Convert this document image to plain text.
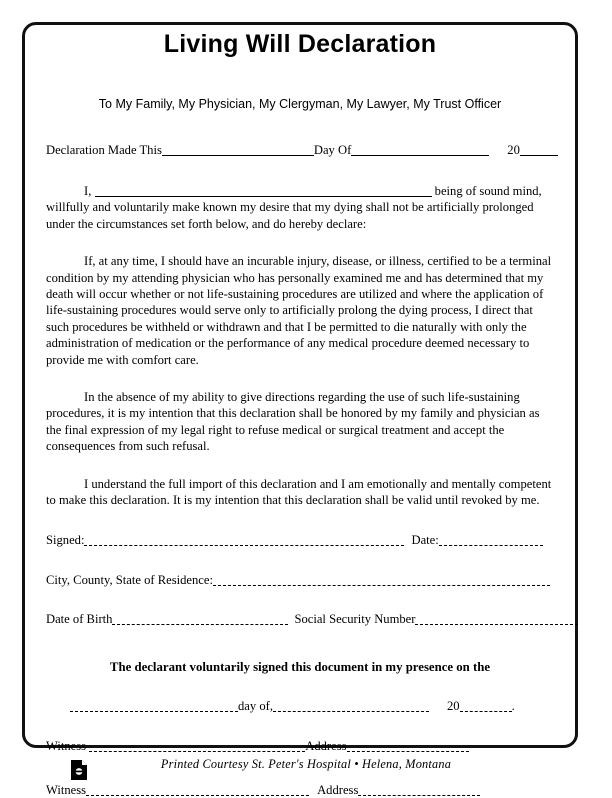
Living Will Declaration
To My Family, My Physician, My Clergyman, My Lawyer, My Trust Officer
Declaration Made This	Day Of	20

I,	being of sound mind, willfully and voluntarily make known my desire that my dying shall not be artificially prolonged under the circumstances set forth below, and do hereby declare:

If, at any time, I should have an incurable injury, disease, or illness, certified to be a terminal condition by my attending physician who has personally examined me and has determined that my death will occur whether or not life-sustaining procedures are utilized and where the application of life-sustaining procedures would serve only to artificially prolong the dying process, I direct that such procedures be withheld or withdrawn and that I be permitted to die naturally with only the administration of medication or the performance of any medical procedure deemed necessary to provide me with comfort care.

In the absence of my ability to give directions regarding the use of such life-sustaining procedures, it is my intention that this declaration shall be honored by my family and physician as the final expression of my legal right to refuse medical or surgical treatment and accept the consequences from such refusal.

I understand the full import of this declaration and I am emotionally and mentally competent to make this declaration. It is my intention that this declaration shall be valid until revoked by me.

Signed:	Date:
City, County, State of Residence:
Date of Birth	Social Security Number
The declarant voluntarily signed this document in my presence on the
day of,	20	.
Witness	Address
Witness	Address
Printed Courtesy St. Peter's Hospital • Helena, Montana
